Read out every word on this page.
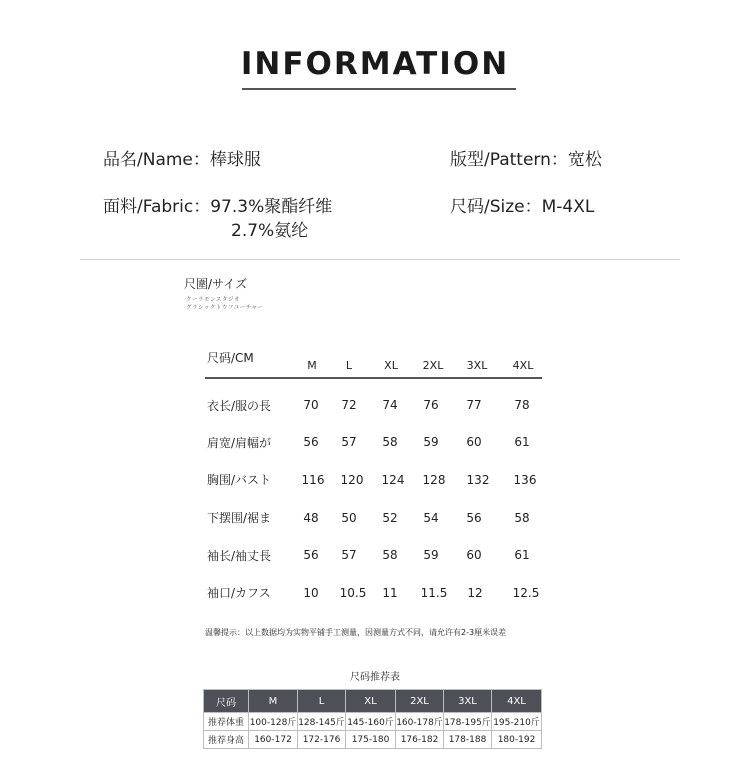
INFORMATION
品名/Name：棒球服	版型/Pattern：宽松
面料/Fabric：97.3%聚酯纤维
2.7%氨纶
尺码/Size：M-4XL
尺圍/サイズ
クーラモンスタジオ
グラシックトウフユーチャー
尺码/CM
M	L	XL	2XL	3XL	4XL
衣长/服の長	70	72	74	76	77	78
肩宽/肩幅が	56	57	58	59	60	61
胸围/バスト	116	120	124	128	132	136
下摆围/裾ま	48	50	52	54	56	58
袖长/袖丈長	56	57	58	59	60	61
袖口/カフス	10	10.5	11	11.5	12	12.5
温馨提示：以上数据均为实物平铺手工测量，因测量方式不同，请允许有2-3厘米误差
尺码推荐表
尺码	M	L	XL	2XL	3XL	4XL
推荐体重	100-128斤	128-145斤	145-160斤	160-178斤	178-195斤	195-210斤
推荐身高	160-172	172-176	175-180	176-182	178-188	180-192
